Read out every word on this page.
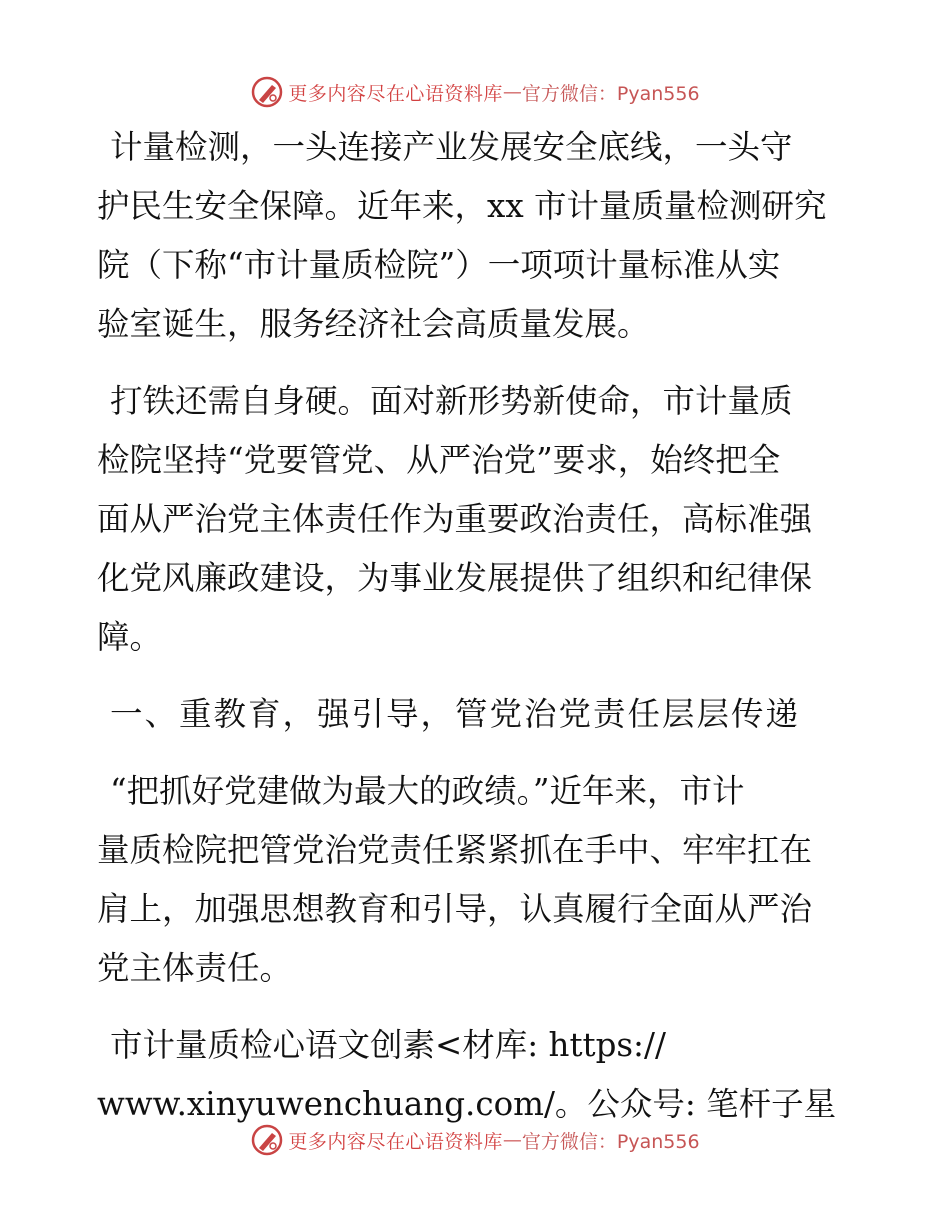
更多内容尽在心语资料库 — 官方微信：Pyan556
计量检测，一头连接产业发展安全底线，一头守
护民生安全保障。近年来，xx 市计量质量检测研究
院（下称“市计量质检院”）一项项计量标准从实
验室诞生，服务经济社会高质量发展。
打铁还需自身硬。面对新形势新使命，市计量质
检院坚持“党要管党、从严治党”要求，始终把全
面从严治党主体责任作为重要政治责任，高标准强
化党风廉政建设，为事业发展提供了组织和纪律保
障。
一、重教育，强引导，管党治党责任层层传递
“把抓好党建做为最大的政绩。”近年来，市计
量质检院把管党治党责任紧紧抓在手中、牢牢扛在
肩上，加强思想教育和引导，认真履行全面从严治
党主体责任。
市计量质检心语文创素<材库: https://
www.xinyuwenchuang.com/。公众号: 笔杆子星
更多内容尽在心语资料库 — 官方微信：Pyan556
